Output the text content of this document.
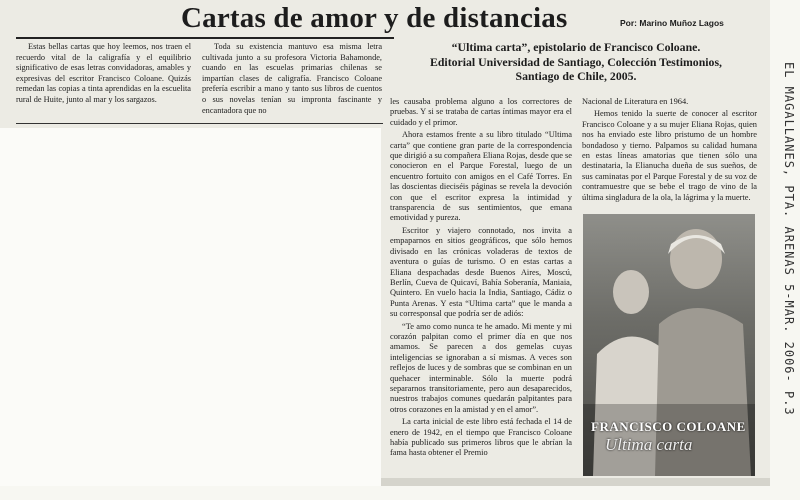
Cartas de amor y de distancias	Por: Marino Muñoz Lagos

Estas bellas cartas que hoy leemos, nos traen el recuerdo vital de la caligrafía y el equilibrio significativo de esas letras convidadoras, amables y expresivas del escritor Francisco Coloane. Quizás remedan las copias a tinta aprendidas en la escuelita rural de Huite, junto al mar y los sargazos.

Toda su existencia mantuvo esa misma letra cultivada junto a su profesora Victoria Bahamonde, cuando en las escuelas primarias chilenas se impartían clases de caligrafía. Francisco Coloane prefería escribir a mano y tanto sus libros de cuentos o sus novelas tenían su impronta fascinante y encantadora que no

“Ultima carta”, epistolario de Francisco Coloane.
Editorial Universidad de Santiago, Colección Testimonios,
Santiago de Chile, 2005.

les causaba problema alguno a los correctores de pruebas. Y si se trataba de cartas íntimas mayor era el cuidado y el primor.

Ahora estamos frente a su libro titulado “Ultima carta” que contiene gran parte de la correspondencia que dirigió a su compañera Eliana Rojas, desde que se conocieron en el Parque Forestal, luego de un encuentro fortuito con amigos en el Café Torres. En las doscientas dieciséis páginas se revela la devoción con que el escritor expresa la intimidad y transparencia de sus sentimientos, que emana emotividad y pureza.

Escritor y viajero connotado, nos invita a empaparnos en sitios geográficos, que sólo hemos divisado en las crónicas voladeras de textos de aventura o guías de turismo. O en estas cartas a Eliana despachadas desde Buenos Aires, Moscú, Berlín, Cueva de Quicaví, Bahía Soberanía, Maniaia, Quintero. En vuelo hacia la India, Santiago, Cádiz o Punta Arenas. Y esta “Ultima carta” que le manda a su corresponsal que podría ser de adiós:

“Te amo como nunca te he amado. Mi mente y mi corazón palpitan como el primer día en que nos amamos. Se parecen a dos gemelas cuyas inteligencias se ignoraban a sí mismas. A veces son reflejos de luces y de sombras que se combinan en un quehacer interminable. Sólo la muerte podrá separarnos transitoriamente, pero aun desaparecidos, nuestros trabajos comunes quedarán palpitantes para otros corazones en la amistad y en el amor”.

La carta inicial de este libro está fechada el 14 de enero de 1942, en el tiempo que Francisco Coloane había publicado sus primeros libros que le abrían la fama hasta obtener el Premio

Nacional de Literatura en 1964.

Hemos tenido la suerte de conocer al escritor Francisco Coloane y a su mujer Eliana Rojas, quien nos ha enviado este libro pristumo de un hombre bondadoso y tierno. Palpamos su calidad humana en estas líneas amatorias que tienen sólo una destinataria, la Elianucha dueña de sus sueños, de sus caminatas por el Parque Forestal y de su voz de contramuestre que se bebe el trago de vino de la última singladura de la ola, la lágrima y la muerte.

FRANCISCO COLOANE
Ultima carta
EL MAGALLANES, PTA. ARENAS 5-MAR. 2006- P.3
